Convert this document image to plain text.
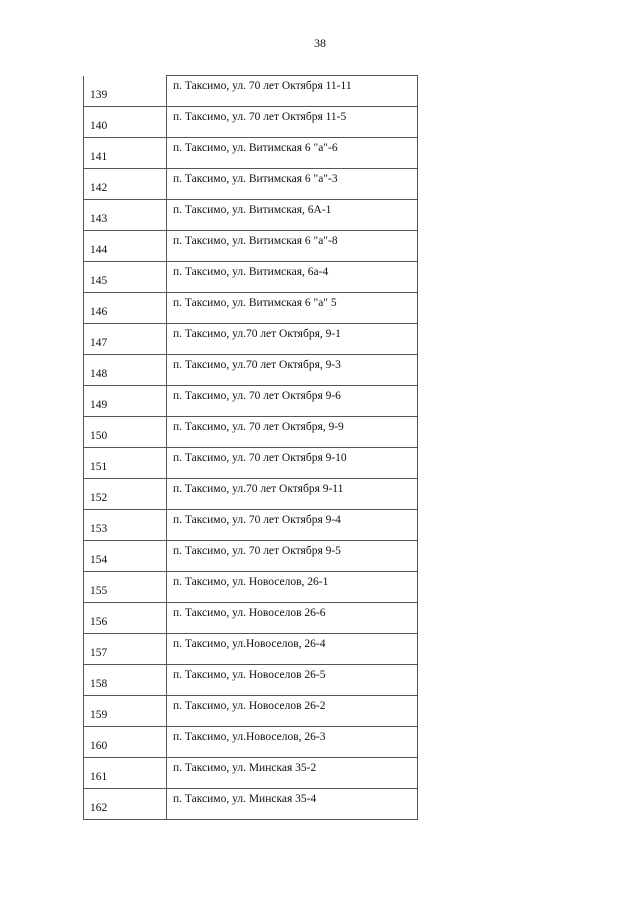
38
139	п. Таксимо, ул. 70 лет Октября 11-11
140	п. Таксимо, ул. 70 лет Октября 11-5
141	п. Таксимо, ул. Витимская 6 "а"-6
142	п. Таксимо, ул. Витимская 6 "а"-3
143	п. Таксимо, ул. Витимская, 6А-1
144	п. Таксимо, ул. Витимская 6 "а"-8
145	п. Таксимо, ул. Витимская, 6а-4
146	п. Таксимо, ул. Витимская 6 "а" 5
147	п. Таксимо, ул.70 лет Октября, 9-1
148	п. Таксимо, ул.70 лет Октября, 9-3
149	п. Таксимо, ул. 70 лет Октября 9-6
150	п. Таксимо, ул. 70 лет Октября, 9-9
151	п. Таксимо, ул. 70 лет Октября 9-10
152	п. Таксимо, ул.70 лет Октября 9-11
153	п. Таксимо, ул. 70 лет Октября 9-4
154	п. Таксимо, ул. 70 лет Октября 9-5
155	п. Таксимо, ул. Новоселов, 26-1
156	п. Таксимо, ул. Новоселов 26-6
157	п. Таксимо, ул.Новоселов, 26-4
158	п. Таксимо, ул. Новоселов 26-5
159	п. Таксимо, ул. Новоселов 26-2
160	п. Таксимо, ул.Новоселов, 26-3
161	п. Таксимо, ул. Минская 35-2
162	п. Таксимо, ул. Минская 35-4
